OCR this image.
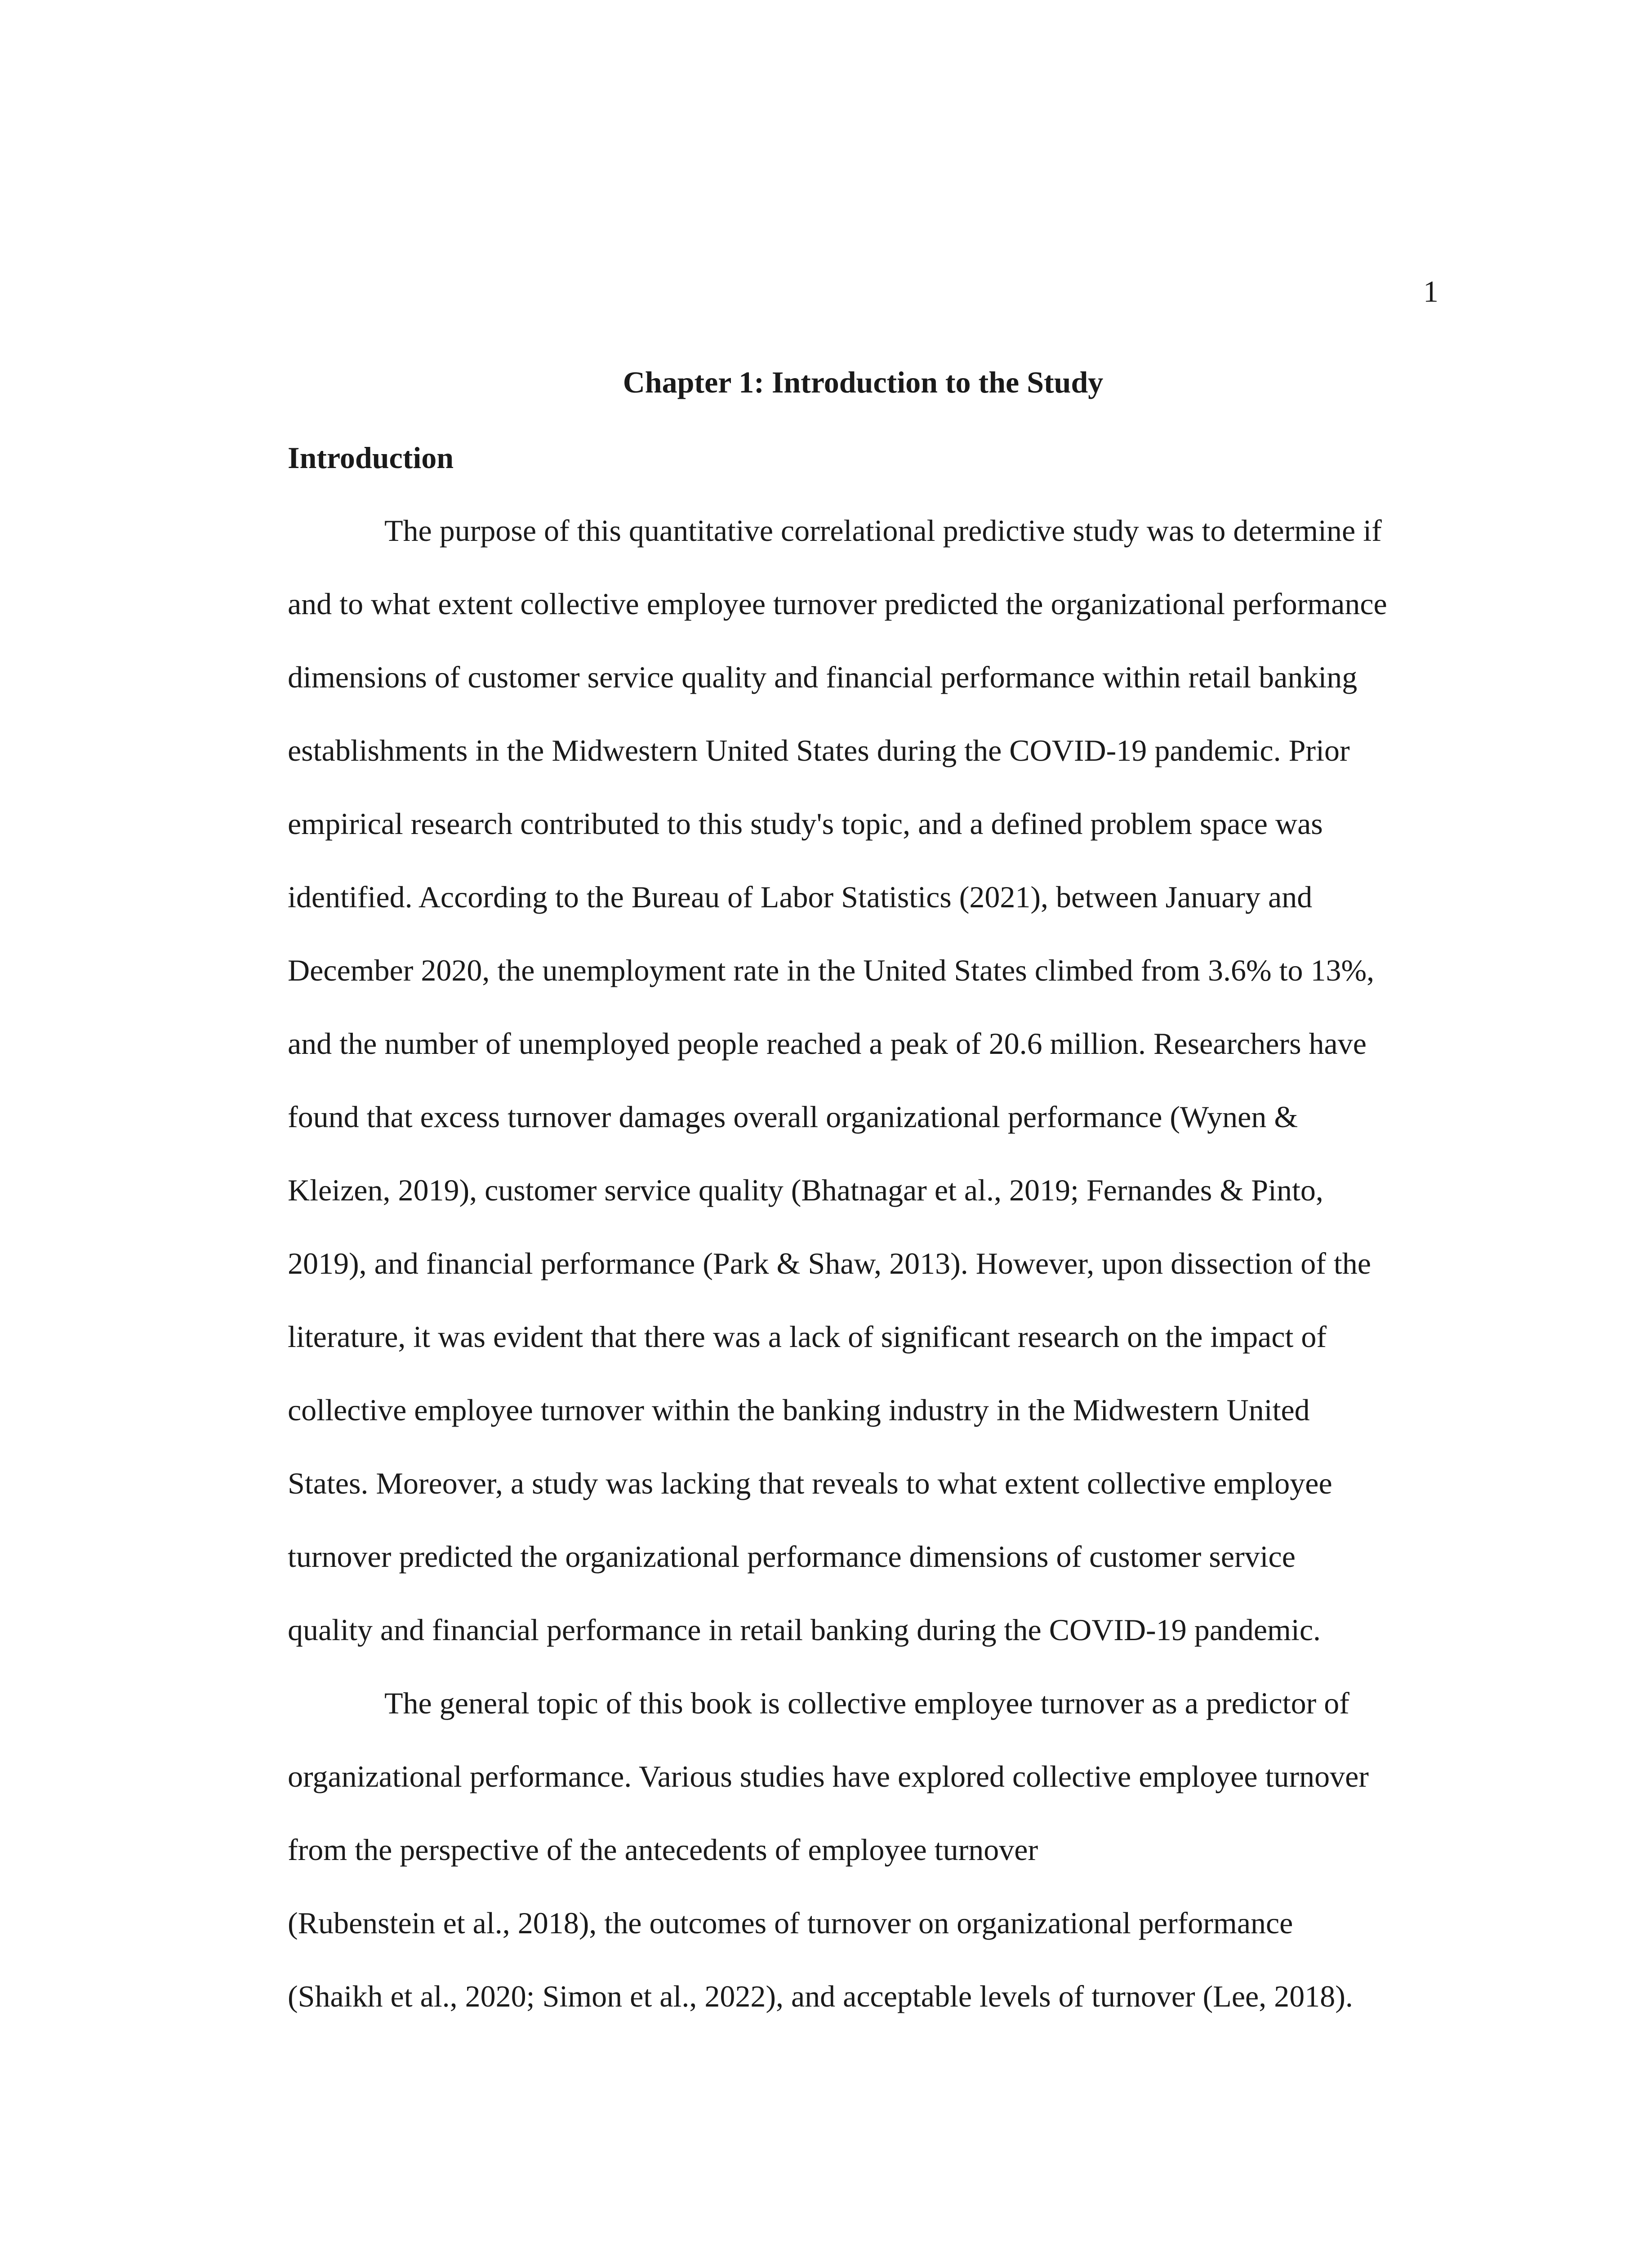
1
Chapter 1: Introduction to the Study
Introduction
The purpose of this quantitative correlational predictive study was to determine if
and to what extent collective employee turnover predicted the organizational performance
dimensions of customer service quality and financial performance within retail banking
establishments in the Midwestern United States during the COVID-19 pandemic. Prior
empirical research contributed to this study's topic, and a defined problem space was
identified. According to the Bureau of Labor Statistics (2021), between January and
December 2020, the unemployment rate in the United States climbed from 3.6% to 13%,
and the number of unemployed people reached a peak of 20.6 million. Researchers have
found that excess turnover damages overall organizational performance (Wynen &
Kleizen, 2019), customer service quality (Bhatnagar et al., 2019; Fernandes & Pinto,
2019), and financial performance (Park & Shaw, 2013). However, upon dissection of the
literature, it was evident that there was a lack of significant research on the impact of
collective employee turnover within the banking industry in the Midwestern United
States. Moreover, a study was lacking that reveals to what extent collective employee
turnover predicted the organizational performance dimensions of customer service
quality and financial performance in retail banking during the COVID-19 pandemic.
The general topic of this book is collective employee turnover as a predictor of
organizational performance. Various studies have explored collective employee turnover
from the perspective of the antecedents of employee turnover
(Rubenstein et al., 2018), the outcomes of turnover on organizational performance
(Shaikh et al., 2020; Simon et al., 2022), and acceptable levels of turnover (Lee, 2018).
